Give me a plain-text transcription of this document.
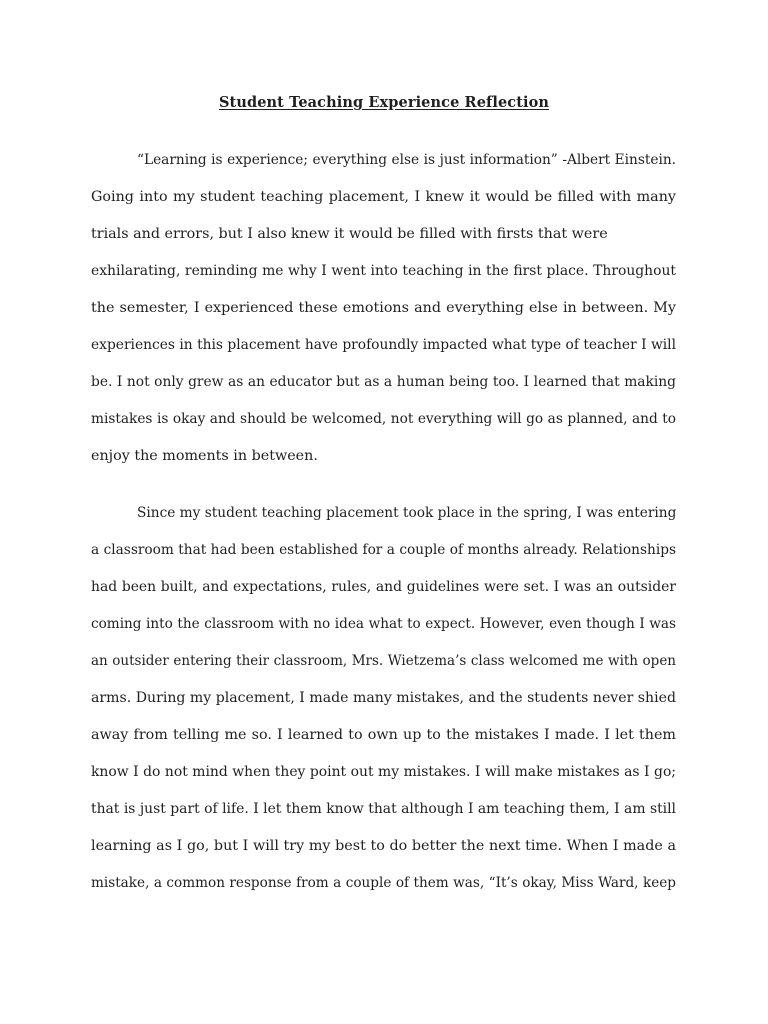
Student Teaching Experience Reflection

“Learning is experience; everything else is just information” -Albert Einstein.

Going into my student teaching placement, I knew it would be filled with many

trials and errors, but I also knew it would be filled with firsts that were

exhilarating, reminding me why I went into teaching in the first place. Throughout

the semester, I experienced these emotions and everything else in between. My

experiences in this placement have profoundly impacted what type of teacher I will

be. I not only grew as an educator but as a human being too. I learned that making

mistakes is okay and should be welcomed, not everything will go as planned, and to

enjoy the moments in between.

Since my student teaching placement took place in the spring, I was entering

a classroom that had been established for a couple of months already. Relationships

had been built, and expectations, rules, and guidelines were set. I was an outsider

coming into the classroom with no idea what to expect. However, even though I was

an outsider entering their classroom, Mrs. Wietzema’s class welcomed me with open

arms. During my placement, I made many mistakes, and the students never shied

away from telling me so. I learned to own up to the mistakes I made. I let them

know I do not mind when they point out my mistakes. I will make mistakes as I go;

that is just part of life. I let them know that although I am teaching them, I am still

learning as I go, but I will try my best to do better the next time. When I made a

mistake, a common response from a couple of them was, “It’s okay, Miss Ward, keep
